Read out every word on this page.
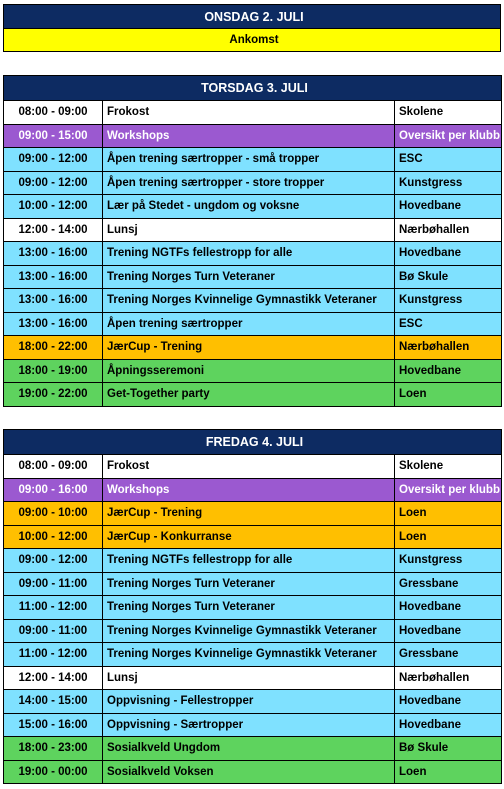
ONSDAG 2. JULI
Ankomst
TORSDAG 3. JULI		
08:00 - 09:00	Frokost	Skolene
09:00 - 15:00	Workshops	Oversikt per klubb
09:00 - 12:00	Åpen trening særtropper - små tropper	ESC
09:00 - 12:00	Åpen trening særtropper - store tropper	Kunstgress
10:00 - 12:00	Lær på Stedet - ungdom og voksne	Hovedbane
12:00 - 14:00	Lunsj	Nærbøhallen
13:00 - 16:00	Trening NGTFs fellestropp for alle	Hovedbane
13:00 - 16:00	Trening Norges Turn Veteraner	Bø Skule
13:00 - 16:00	Trening Norges Kvinnelige Gymnastikk Veteraner	Kunstgress
13:00 - 16:00	Åpen trening særtropper	ESC
18:00 - 22:00	JærCup - Trening	Nærbøhallen
18:00 - 19:00	Åpningsseremoni	Hovedbane
19:00 - 22:00	Get-Together party	Loen
FREDAG 4. JULI		
08:00 - 09:00	Frokost	Skolene
09:00 - 16:00	Workshops	Oversikt per klubb
09:00 - 10:00	JærCup - Trening	Loen
10:00 - 12:00	JærCup - Konkurranse	Loen
09:00 - 12:00	Trening NGTFs fellestropp for alle	Kunstgress
09:00 - 11:00	Trening Norges Turn Veteraner	Gressbane
11:00 - 12:00	Trening Norges Turn Veteraner	Hovedbane
09:00 - 11:00	Trening Norges Kvinnelige Gymnastikk Veteraner	Hovedbane
11:00 - 12:00	Trening Norges Kvinnelige Gymnastikk Veteraner	Gressbane
12:00 - 14:00	Lunsj	Nærbøhallen
14:00 - 15:00	Oppvisning - Fellestropper	Hovedbane
15:00 - 16:00	Oppvisning - Særtropper	Hovedbane
18:00 - 23:00	Sosialkveld Ungdom	Bø Skule
19:00 - 00:00	Sosialkveld Voksen	Loen
